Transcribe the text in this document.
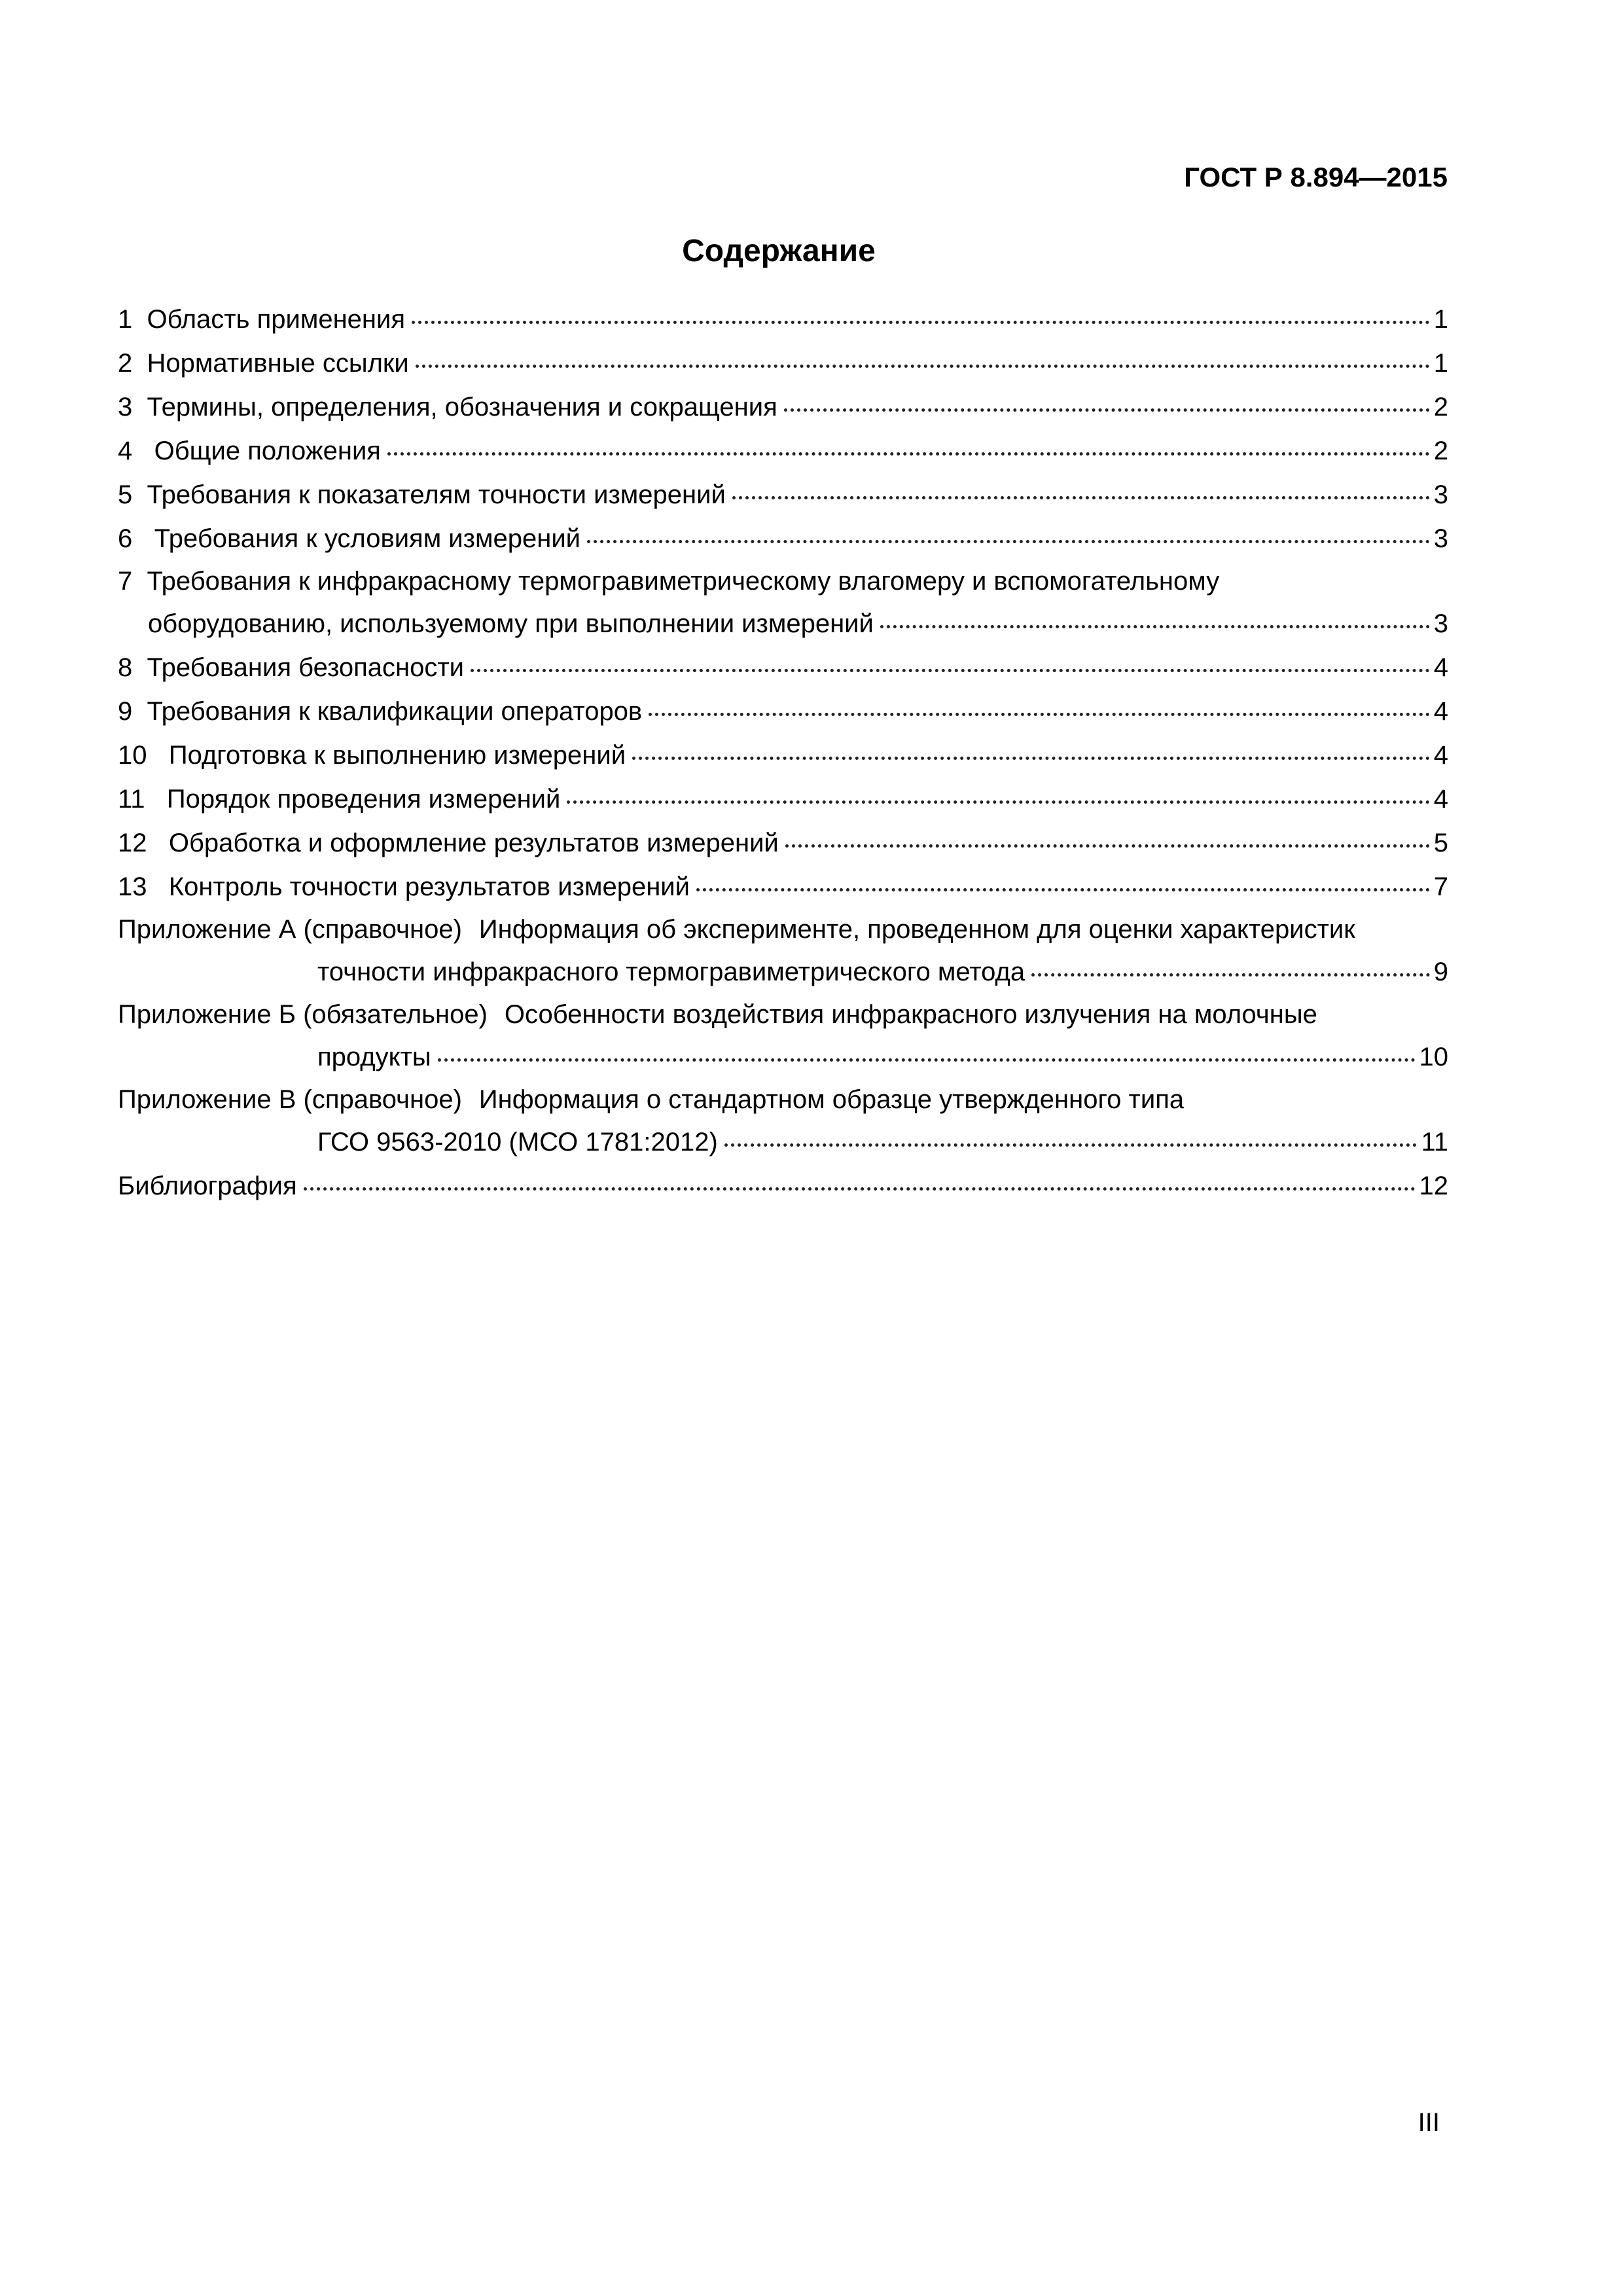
ГОСТ Р 8.894—2015
Содержание
1 Область применения	1
2 Нормативные ссылки	1
3 Термины, определения, обозначения и сокращения	2
4   Общие положения	2
5 Требования к показателям точности измерений	3
6   Требования к условиям измерений	3
7 Требования к инфракрасному термогравиметрическому влагомеру и вспомогательному
оборудованию, используемому при выполнении измерений	3
8 Требования безопасности	4
9 Требования к квалификации операторов	4
10 Подготовка к выполнению измерений	4
11 Порядок проведения измерений	4
12 Обработка и оформление результатов измерений	5
13 Контроль точности результатов измерений	7
Приложение А (справочное) Информация об эксперименте, проведенном для оценки характеристик
точности инфракрасного термогравиметрического метода	9
Приложение Б (обязательное) Особенности воздействия инфракрасного излучения на молочные
продукты	10
Приложение В (справочное) Информация о стандартном образце утвержденного типа
ГСО 9563-2010 (МСО 1781:2012)	11
Библиография	12
III
